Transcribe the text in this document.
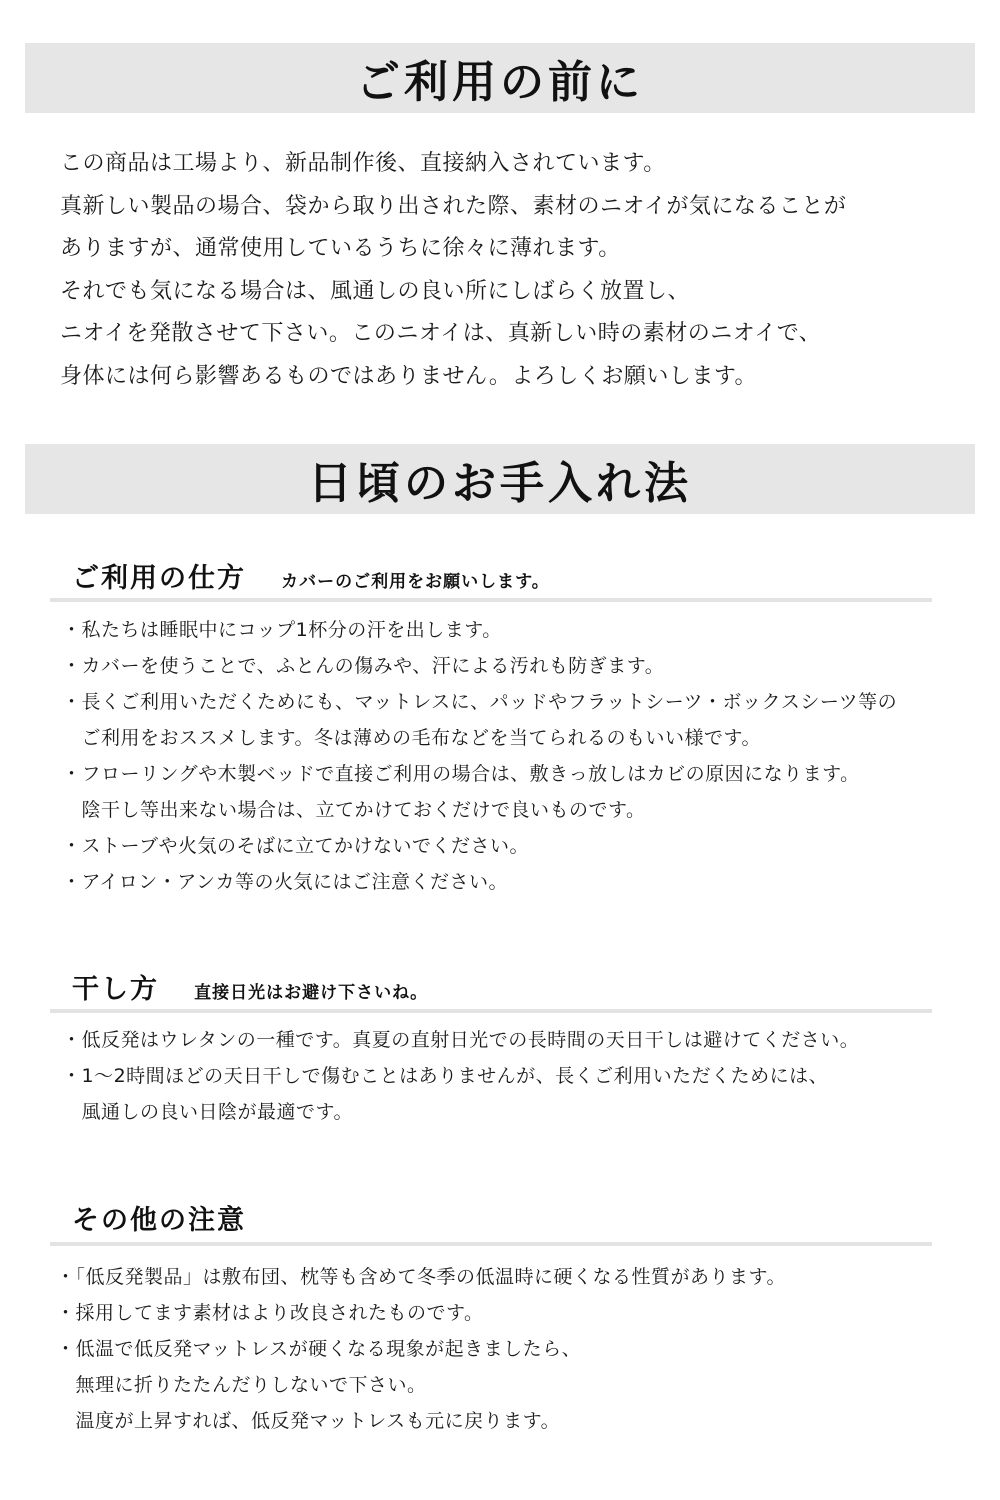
ご利用の前に

この商品は工場より、新品制作後、直接納入されています。

真新しい製品の場合、袋から取り出された際、素材のニオイが気になることが

ありますが、通常使用しているうちに徐々に薄れます。

それでも気になる場合は、風通しの良い所にしばらく放置し、

ニオイを発散させて下さい。このニオイは、真新しい時の素材のニオイで、

身体には何ら影響あるものではありません。よろしくお願いします。

日頃のお手入れ法
ご利用の仕方 カバーのご利用をお願いします。

・私たちは睡眠中にコップ1杯分の汗を出します。

・カバーを使うことで、ふとんの傷みや、汗による汚れも防ぎます。

・長くご利用いただくためにも、マットレスに、パッドやフラットシーツ・ボックスシーツ等の

　ご利用をおススメします。冬は薄めの毛布などを当てられるのもいい様です。

・フローリングや木製ベッドで直接ご利用の場合は、敷きっ放しはカビの原因になります。

　陰干し等出来ない場合は、立てかけておくだけで良いものです。

・ストーブや火気のそばに立てかけないでください。

・アイロン・アンカ等の火気にはご注意ください。

干し方 直接日光はお避け下さいね。

・低反発はウレタンの一種です。真夏の直射日光での長時間の天日干しは避けてください。

・1～2時間ほどの天日干しで傷むことはありませんが、長くご利用いただくためには、

　風通しの良い日陰が最適です。

その他の注意

・「低反発製品」は敷布団、枕等も含めて冬季の低温時に硬くなる性質があります。

・採用してます素材はより改良されたものです。

・低温で低反発マットレスが硬くなる現象が起きましたら、

　無理に折りたたんだりしないで下さい。

　温度が上昇すれば、低反発マットレスも元に戻ります。
